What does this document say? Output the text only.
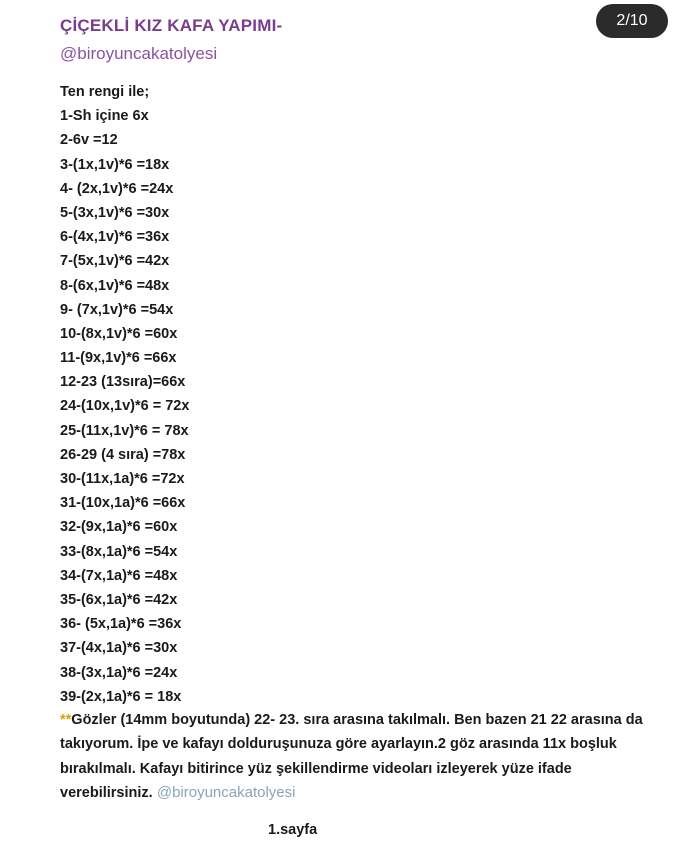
ÇİÇEKLİ KIZ KAFA YAPIMI-
@biroyuncakatolyesi
2/10
Ten rengi ile;
1-Sh içine 6x
2-6v =12
3-(1x,1v)*6 =18x
4- (2x,1v)*6 =24x
5-(3x,1v)*6 =30x
6-(4x,1v)*6 =36x
7-(5x,1v)*6 =42x
8-(6x,1v)*6 =48x
9- (7x,1v)*6 =54x
10-(8x,1v)*6 =60x
11-(9x,1v)*6 =66x
12-23 (13sıra)=66x
24-(10x,1v)*6 = 72x
25-(11x,1v)*6 = 78x
26-29 (4 sıra) =78x
30-(11x,1a)*6 =72x
31-(10x,1a)*6 =66x
32-(9x,1a)*6 =60x
33-(8x,1a)*6 =54x
34-(7x,1a)*6 =48x
35-(6x,1a)*6 =42x
36- (5x,1a)*6 =36x
37-(4x,1a)*6 =30x
38-(3x,1a)*6 =24x
39-(2x,1a)*6 = 18x
**Gözler (14mm boyutunda) 22- 23. sıra arasına takılmalı. Ben bazen 21 22 arasına da takıyorum. İpe ve kafayı dolduruşunuza göre ayarlayın.2 göz arasında 11x boşluk bırakılmalı. Kafayı bitirince yüz şekillendirme videoları izleyerek yüze ifade verebilirsiniz. @biroyuncakatolyesi
1.sayfa
